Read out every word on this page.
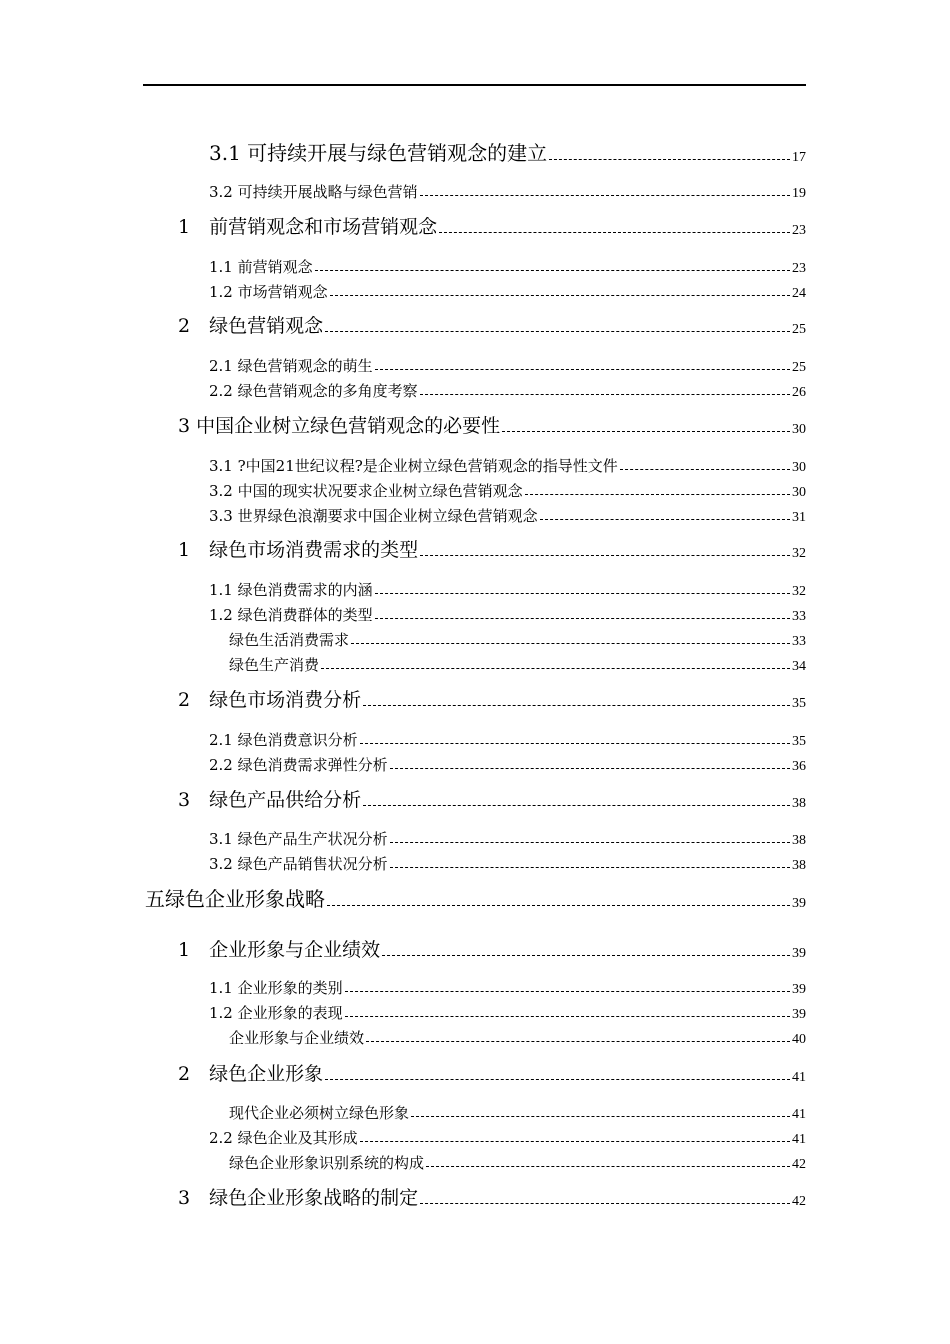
3.1 可持续开展与绿色营销观念的建立	17
3.2 可持续开展战略与绿色营销	19
1　前营销观念和市场营销观念	23
1.1 前营销观念	23
1.2 市场营销观念	24
2　绿色营销观念	25
2.1 绿色营销观念的萌生	25
2.2 绿色营销观念的多角度考察	26
3 中国企业树立绿色营销观念的必要性	30
3.1 ?中国21世纪议程?是企业树立绿色营销观念的指导性文件	30
3.2 中国的现实状况要求企业树立绿色营销观念	30
3.3 世界绿色浪潮要求中国企业树立绿色营销观念	31
1　绿色市场消费需求的类型	32
1.1 绿色消费需求的内涵	32
1.2 绿色消费群体的类型	33
绿色生活消费需求	33
绿色生产消费	34
2　绿色市场消费分析	35
2.1 绿色消费意识分析	35
2.2 绿色消费需求弹性分析	36
3　绿色产品供给分析	38
3.1 绿色产品生产状况分析	38
3.2 绿色产品销售状况分析	38
五绿色企业形象战略	39
1　企业形象与企业绩效	39
1.1 企业形象的类别	39
1.2 企业形象的表现	39
企业形象与企业绩效	40
2　绿色企业形象	41
现代企业必须树立绿色形象	41
2.2 绿色企业及其形成	41
绿色企业形象识别系统的构成	42
3　绿色企业形象战略的制定	42
